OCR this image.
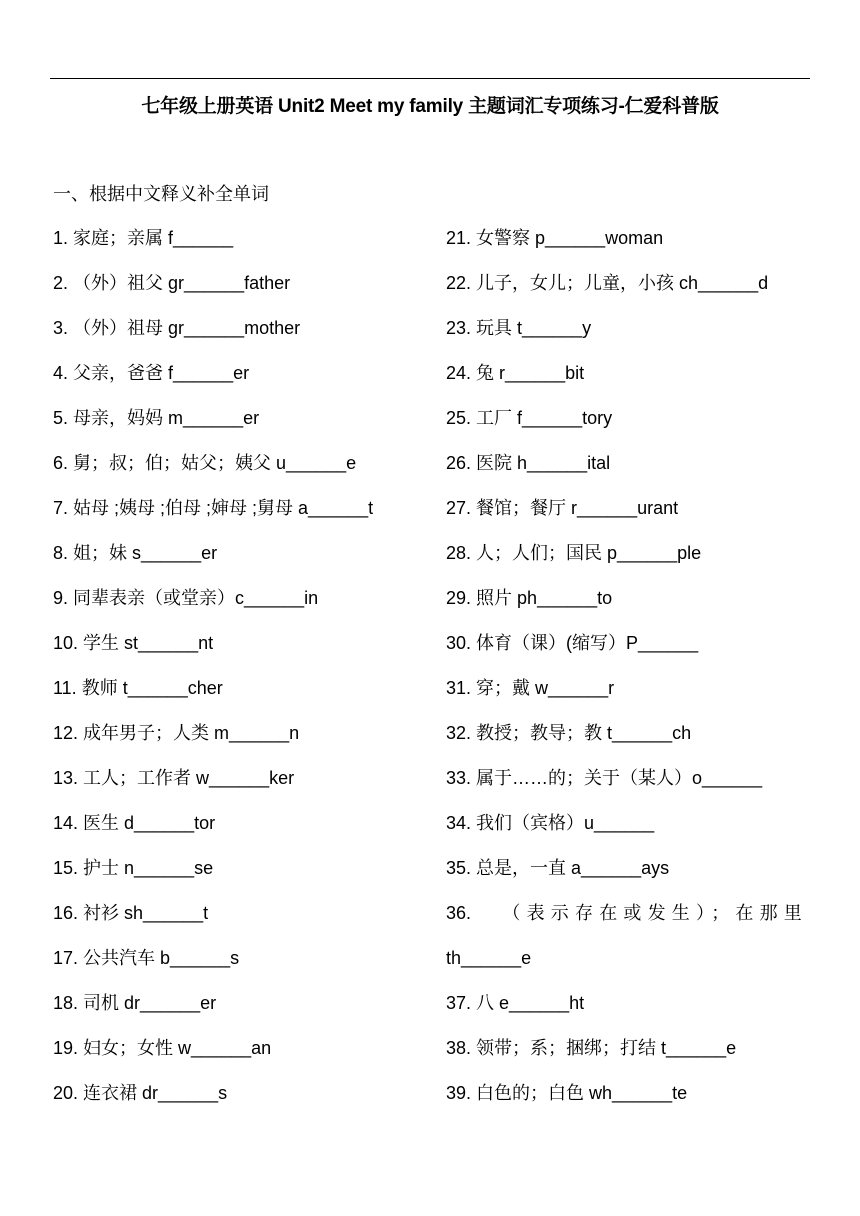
七年级上册英语 Unit2 Meet my family 主题词汇专项练习-仁爱科普版
一、根据中文释义补全单词
1. 家庭；亲属 f______
2. （外）祖父 gr______father
3. （外）祖母 gr______mother
4. 父亲，爸爸 f______er
5. 母亲，妈妈 m______er
6. 舅；叔；伯；姑父；姨父 u______e
7. 姑母 ;姨母 ;伯母 ;婶母 ;舅母 a______t
8. 姐；妹 s______er
9. 同辈表亲（或堂亲）c______in
10. 学生 st______nt
11. 教师 t______cher
12. 成年男子；人类 m______n
13. 工人；工作者 w______ker
14. 医生 d______tor
15. 护士 n______se
16. 衬衫 sh______t
17. 公共汽车 b______s
18. 司机 dr______er
19. 妇女；女性 w______an
20. 连衣裙 dr______s
21. 女警察 p______woman
22. 儿子，女儿；儿童，小孩 ch______d
23. 玩具 t______y
24. 兔 r______bit
25. 工厂 f______tory
26. 医院 h______ital
27. 餐馆；餐厅 r______urant
28. 人；人们；国民 p______ple
29. 照片 ph______to
30. 体育（课）(缩写）P______
31. 穿；戴 w______r
32. 教授；教导；教 t______ch
33. 属于……的；关于（某人）o______
34. 我们（宾格）u______
35. 总是，一直 a______ays
36. （表示存在或发生）；在那里
th______e
37. 八 e______ht
38. 领带；系；捆绑；打结 t______e
39. 白色的；白色 wh______te
